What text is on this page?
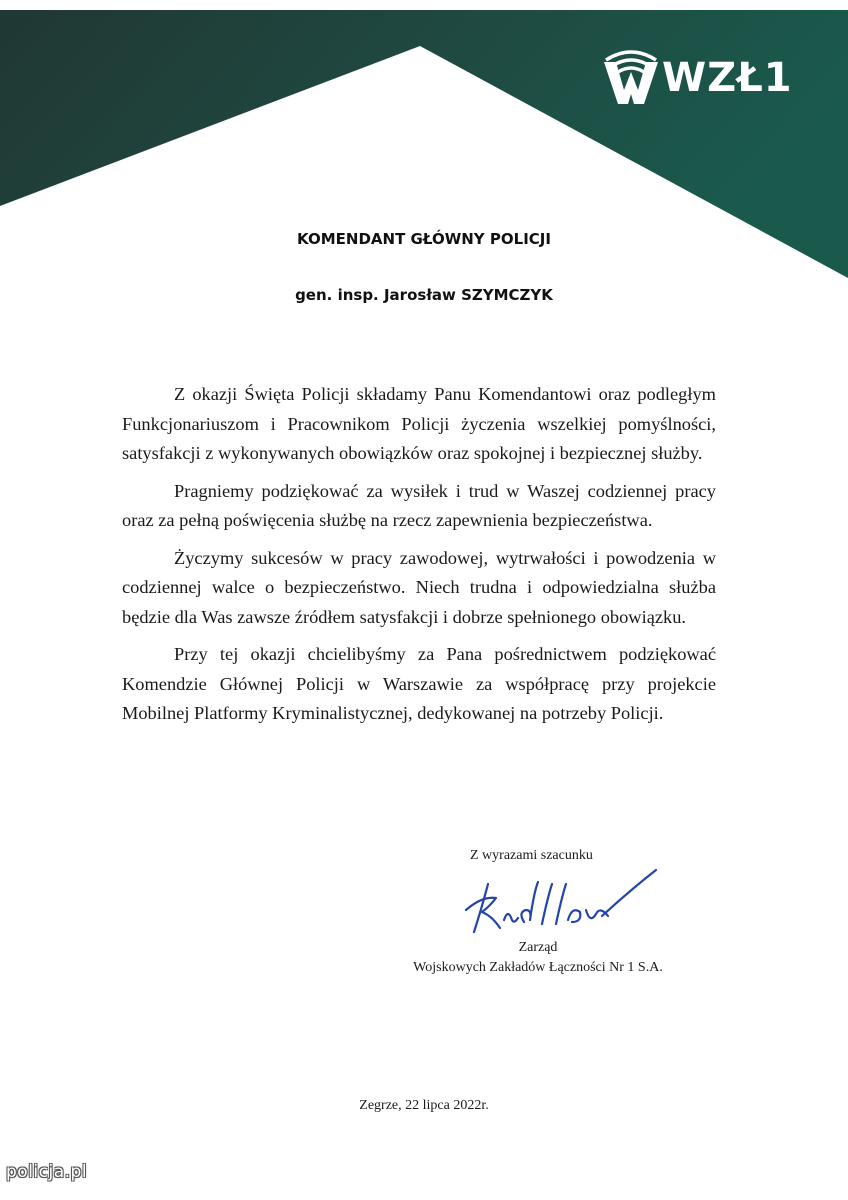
WZŁ1
KOMENDANT GŁÓWNY POLICJI
gen. insp. Jarosław SZYMCZYK

Z okazji Święta Policji składamy Panu Komendantowi oraz podległym Funkcjonariuszom i Pracownikom Policji życzenia wszelkiej pomyślności, satysfakcji z wykonywanych obowiązków oraz spokojnej i bezpiecznej służby.

Pragniemy podziękować za wysiłek i trud w Waszej codziennej pracy oraz za pełną poświęcenia służbę na rzecz zapewnienia bezpieczeństwa.

Życzymy sukcesów w pracy zawodowej, wytrwałości i powodzenia w codziennej walce o bezpieczeństwo. Niech trudna i odpowiedzialna służba będzie dla Was zawsze źródłem satysfakcji i dobrze spełnionego obowiązku.

Przy tej okazji chcielibyśmy za Pana pośrednictwem podziękować Komendzie Głównej Policji w Warszawie za współpracę przy projekcie Mobilnej Platformy Kryminalistycznej, dedykowanej na potrzeby Policji.

Z wyrazami szacunku
Zarząd
Wojskowych Zakładów Łączności Nr 1 S.A.
Zegrze, 22 lipca 2022r.
policja.pl
